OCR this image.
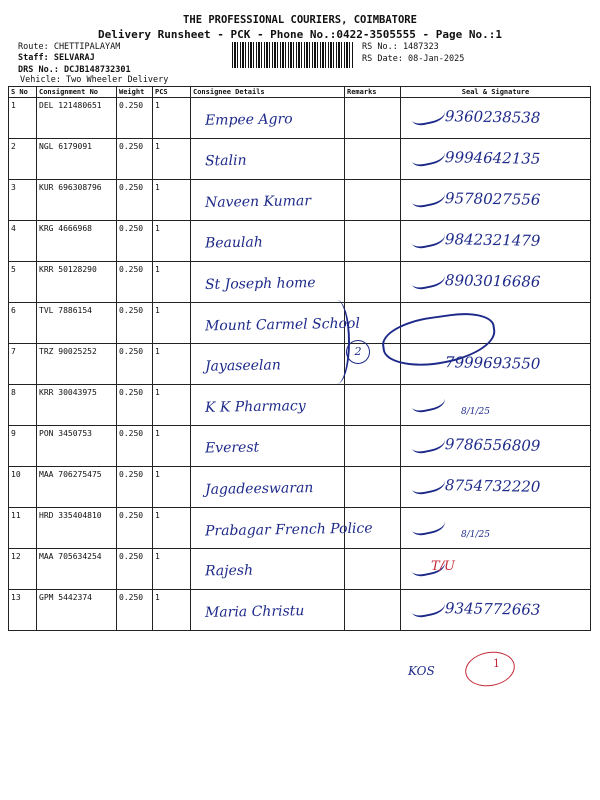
THE PROFESSIONAL COURIERS, COIMBATORE
Delivery Runsheet - PCK - Phone No.:0422-3505555 - Page No.:1
Route: CHETTIPALAYAM
Staff: SELVARAJ
DRS No.: DCJB148732301
Vehicle: Two Wheeler Delivery
RS No.: 1487323
RS Date: 08-Jan-2025
S No	Consignment No	Weight	PCS	Consignee Details	Remarks	Seal & Signature
1	DEL 121480651	0.250	1	Empee Agro		9360238538

2	NGL 6179091	0.250	1	Stalin		9994642135

3	KUR 696308796	0.250	1	Naveen Kumar		9578027556

4	KRG 4666968	0.250	1	Beaulah		9842321479

5	KRR 50128290	0.250	1	St Joseph home		8903016686

6	TVL 7886154	0.250	1	Mount Carmel School		

7	TRZ 90025252	0.250	1	Jayaseelan		7999693550

8	KRR 30043975	0.250	1	K K Pharmacy		8/1/25

9	PON 3450753	0.250	1	Everest		9786556809

10	MAA 706275475	0.250	1	Jagadeeswaran		8754732220

11	HRD 335404810	0.250	1	Prabagar French Police		8/1/25

12	MAA 705634254	0.250	1	Rajesh		T/U

13	GPM 5442374	0.250	1	Maria Christu		9345772663
2
KOS
1
